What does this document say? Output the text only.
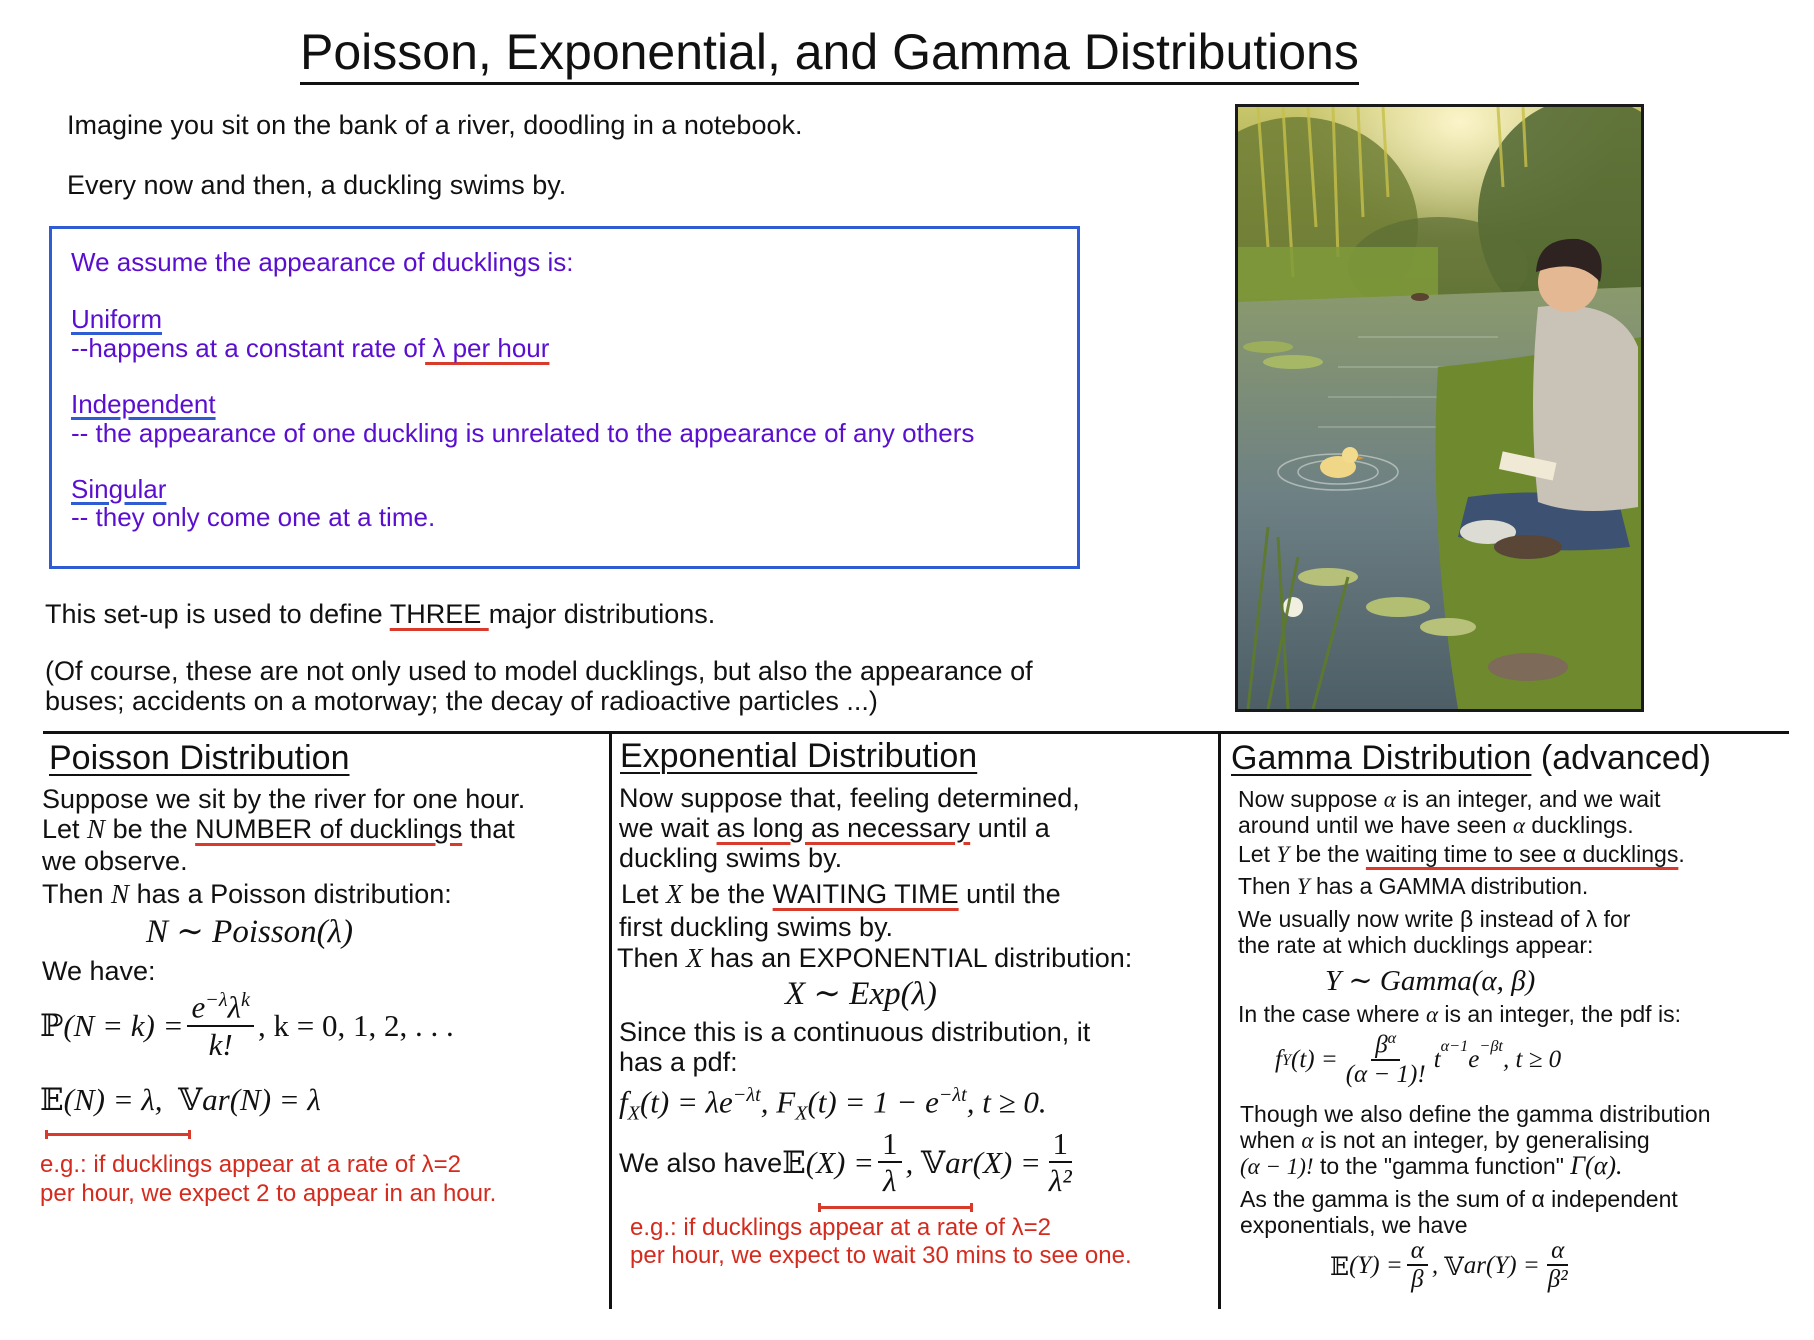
Poisson, Exponential, and Gamma Distributions
Imagine you sit on the bank of a river, doodling in a notebook.
Every now and then, a duckling swims by.
We assume the appearance of ducklings is:
Uniform
--happens at a constant rate of λ per hour
Independent
-- the appearance of one duckling is unrelated to the appearance of any others
Singular
-- they only come one at a time.
This set-up is used to define THREE major distributions.
(Of course, these are not only used to model ducklings, but also the appearance of
buses; accidents on a motorway; the decay of radioactive particles ...)
Poisson Distribution
Suppose we sit by the river for one hour.
Let N be the NUMBER of ducklings that
we observe.
Then N has a Poisson distribution:
N ∼ Poisson(λ)
We have:
ℙ $(N = k) = \frac{e^{-\lambda}\lambda^k}{k!}$ , k = 0, 1, 2, . . .
𝔼(N) = λ, 𝕍ar(N) = λ
e.g.: if ducklings appear at a rate of λ=2
per hour, we expect 2 to appear in an hour.
Exponential Distribution
Now suppose that, feeling determined,
we wait as long as necessary until a
duckling swims by.
Let X be the WAITING TIME until the
first duckling swims by.
Then X has an EXPONENTIAL distribution:
X ∼ Exp(λ)
Since this is a continuous distribution, it
has a pdf:
$f_X(t) = \lambda e^{-\lambda t}$, $F_X(t) = 1 - e^{-\lambda t}$, t ≥ 0.
We also have 𝔼 $(X) = \frac{1}{\lambda}$ , 𝕍 $ar(X) = \frac{1}{\text{λ²}}$
e.g.: if ducklings appear at a rate of λ=2
per hour, we expect to wait 30 mins to see one.
Gamma Distribution (advanced)
Now suppose α is an integer, and we wait
around until we have seen α ducklings.
Let Y be the waiting time to see α ducklings.
Then Y has a GAMMA distribution.
We usually now write β instead of λ for
the rate at which ducklings appear:
Y ∼ Gamma(α, β)
In the case where α is an integer, the pdf is:
f Y $(t) = \frac{\beta^\alpha}{(\alpha - 1)!} t^{\alpha-1}$ $e^{-\beta t}$ , t ≥ 0
Though we also define the gamma distribution
when α is not an integer, by generalising
(α − 1)! to the "gamma function" Γ(α).
As the gamma is the sum of α independent
exponentials, we have
𝔼 $(Y) = \frac{\alpha}{\beta}$ , 𝕍 $ar(Y) = \frac{\alpha}{\text{β²}}$
